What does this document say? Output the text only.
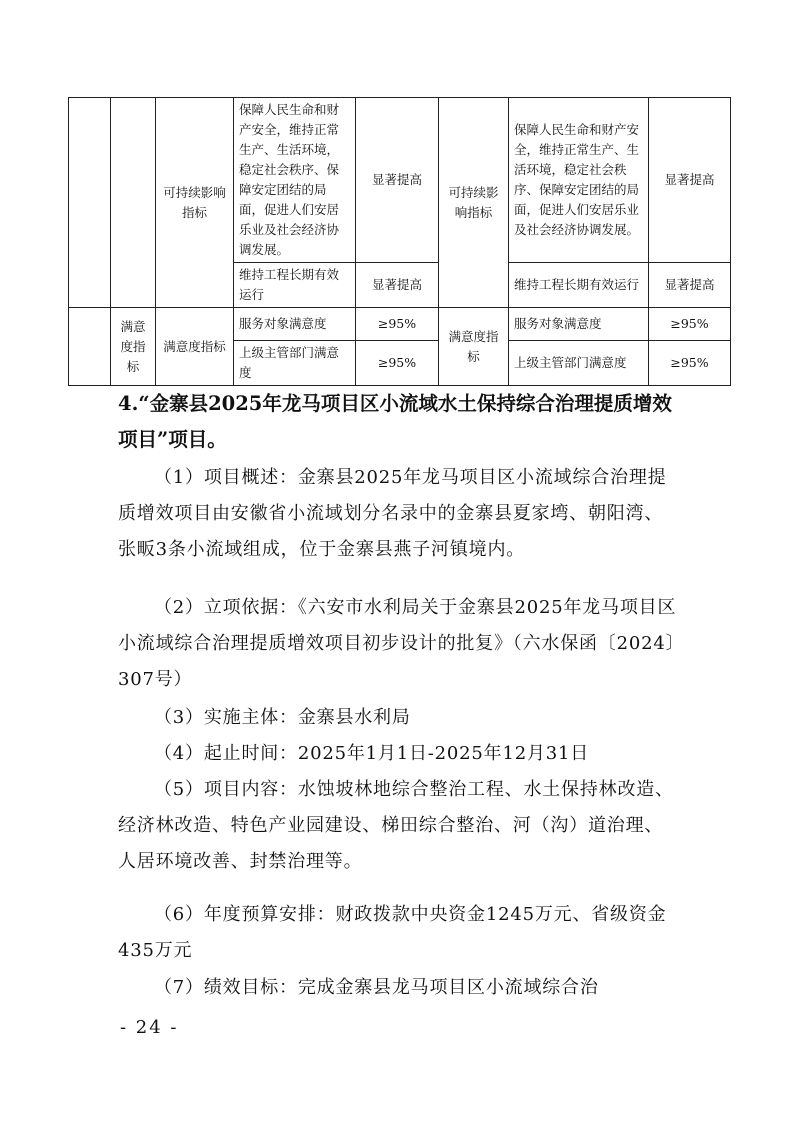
		可持续影响指标	保障人民生命和财产安全，维持正常生产、生活环境，稳定社会秩序、保障安定团结的局面，促进人们安居乐业及社会经济协调发展。	显著提高	可持续影响指标	保障人民生命和财产安全，维持正常生产、生活环境，稳定社会秩序、保障安定团结的局面，促进人们安居乐业及社会经济协调发展。	显著提高
			维持工程长期有效运行	显著提高		维持工程长期有效运行	显著提高
	满意度指标	满意度指标	服务对象满意度	≥95%	满意度指标	服务对象满意度	≥95%
			上级主管部门满意度	≥95%		上级主管部门满意度	≥95%
4.“金寨县2025年龙马项目区小流域水土保持综合治理提质增效项目”项目。
（1）项目概述：金寨县2025年龙马项目区小流域综合治理提质增效项目由安徽省小流域划分名录中的金寨县夏家塆、朝阳湾、张畈3条小流域组成，位于金寨县燕子河镇境内。
（2）立项依据：《六安市水利局关于金寨县2025年龙马项目区小流域综合治理提质增效项目初步设计的批复》（六水保函〔2024〕307号）
（3）实施主体：金寨县水利局
（4）起止时间：2025年1月1日-2025年12月31日
（5）项目内容：水蚀坡林地综合整治工程、水土保持林改造、经济林改造、特色产业园建设、梯田综合整治、河（沟）道治理、人居环境改善、封禁治理等。
（6）年度预算安排：财政拨款中央资金1245万元、省级资金435万元
（7）绩效目标：完成金寨县龙马项目区小流域综合治
- 24 -
